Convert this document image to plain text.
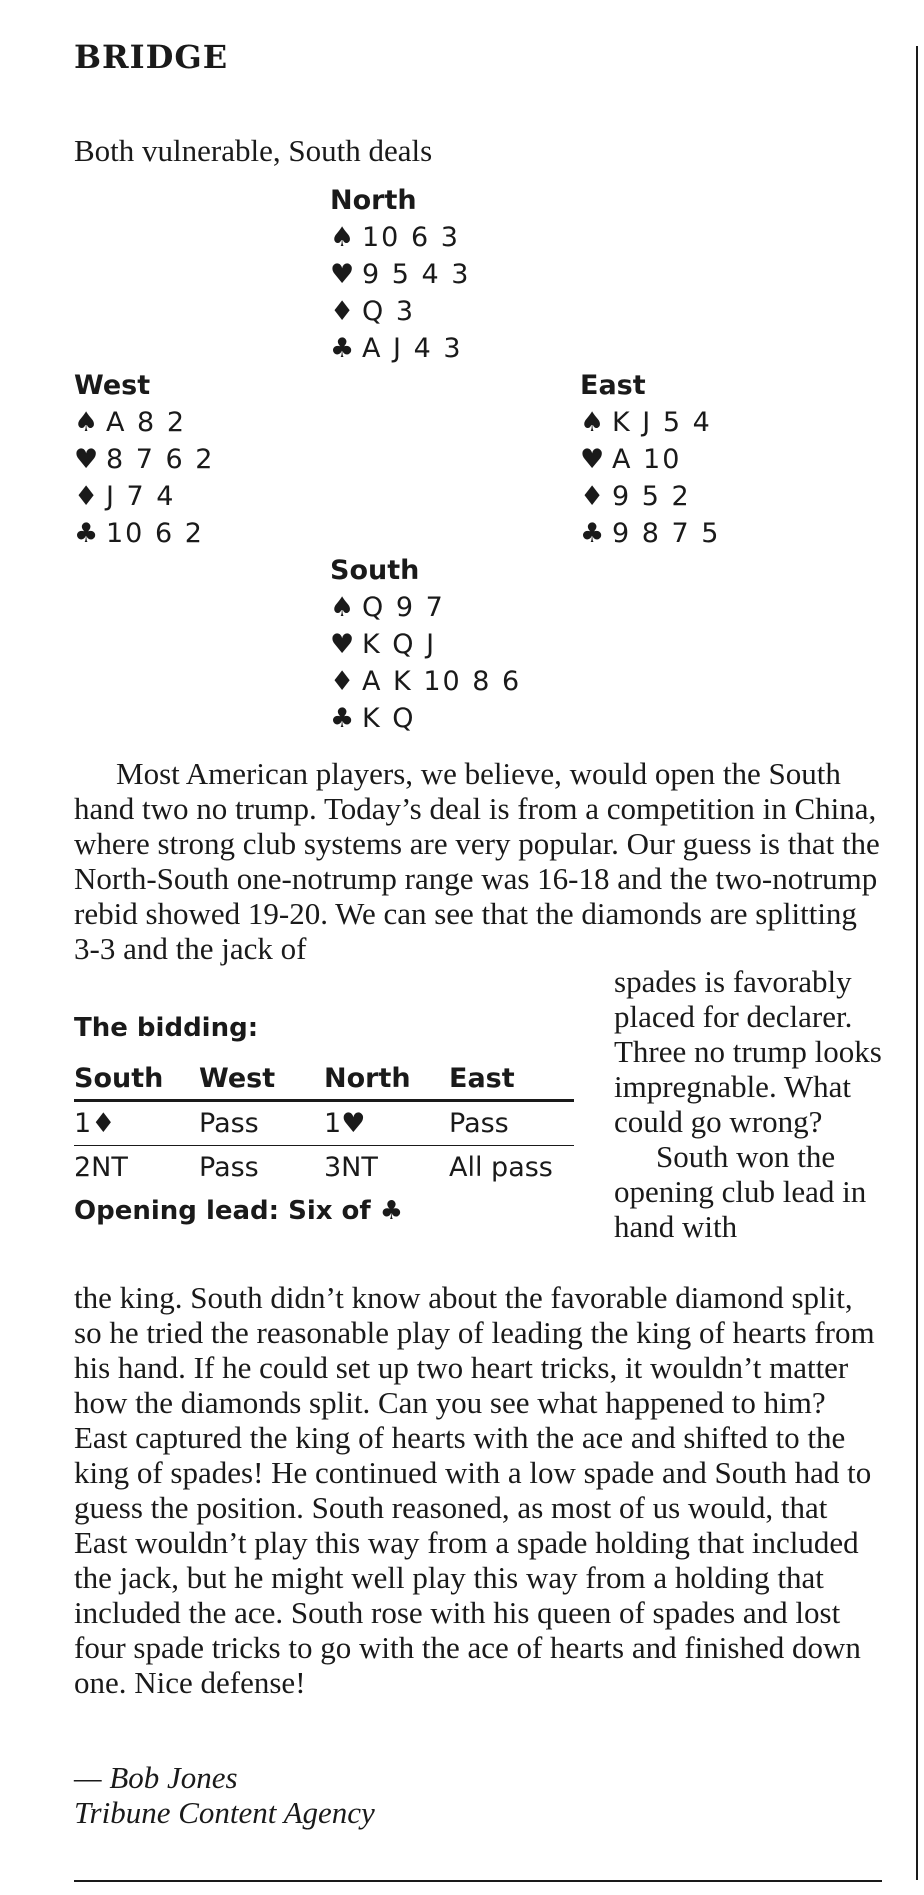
BRIDGE
Both vulnerable, South deals
North
♠ 10 6 3
♥ 9 5 4 3
♦ Q 3
♣ A J 4 3
West
♠ A 8 2
♥ 8 7 6 2
♦ J 7 4
♣ 10 6 2
East
♠ K J 5 4
♥ A 10
♦ 9 5 2
♣ 9 8 7 5
South
♠ Q 9 7
♥ K Q J
♦ A K 10 8 6
♣ K Q
Most American players, we believe, would open the South hand two no trump. Today’s deal is from a competition in China, where strong club systems are very popular. Our guess is that the North-South one-notrump range was 16-18 and the two-notrump rebid showed 19-20. We can see that the diamonds are splitting 3-3 and the jack of
The bidding:
South	West	North	East
1♦	Pass	1♥	Pass
2NT	Pass	3NT	All pass
Opening lead: Six of ♣
spades is favorably placed for declarer. Three no trump looks impregnable. What could go wrong?
South won the opening club lead in hand with
the king. South didn’t know about the favorable diamond split, so he tried the reasonable play of leading the king of hearts from his hand. If he could set up two heart tricks, it wouldn’t matter how the diamonds split. Can you see what happened to him? East captured the king of hearts with the ace and shifted to the king of spades! He continued with a low spade and South had to guess the position. South reasoned, as most of us would, that East wouldn’t play this way from a spade holding that included the jack, but he might well play this way from a holding that included the ace. South rose with his queen of spades and lost four spade tricks to go with the ace of hearts and finished down one. Nice defense!
— Bob Jones
Tribune Content Agency
